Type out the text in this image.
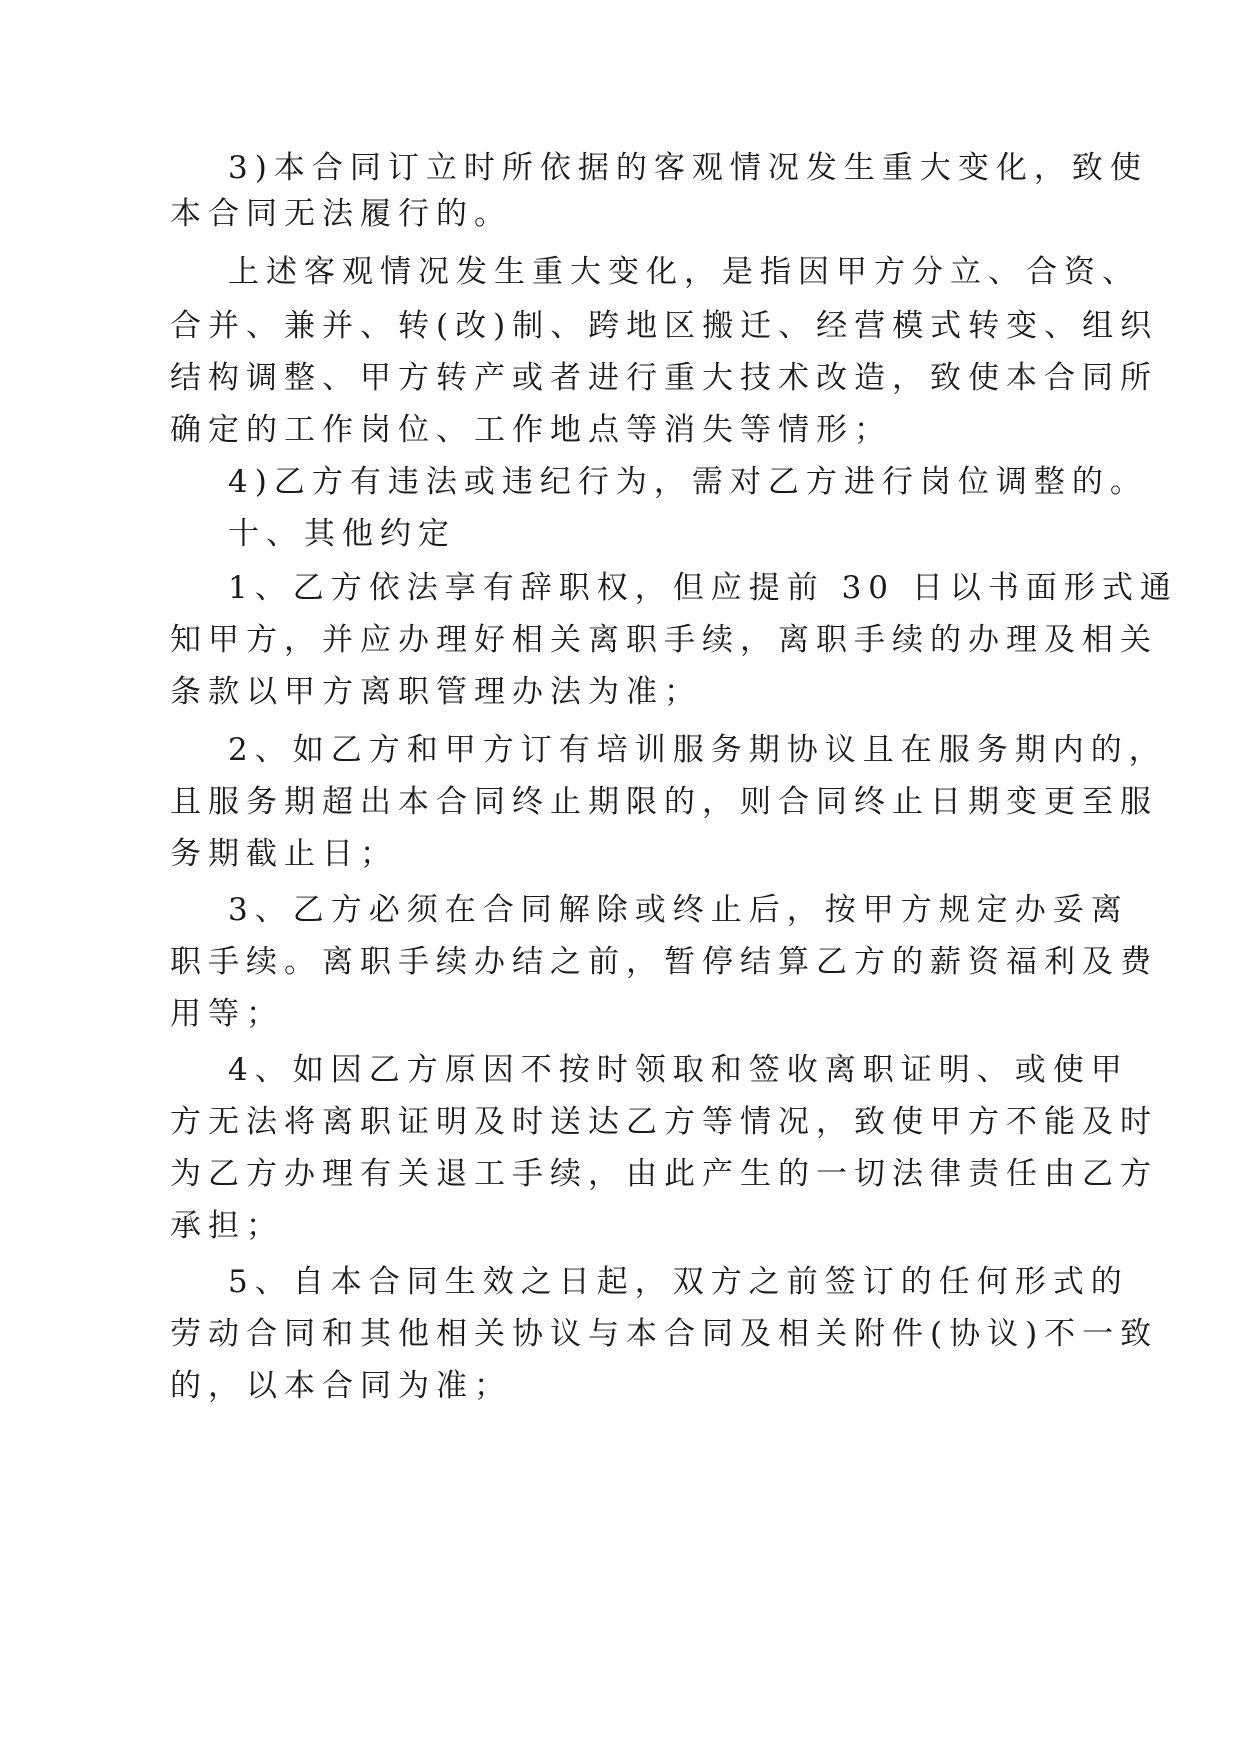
3)本合同订立时所依据的客观情况发生重大变化，致使
本合同无法履行的。
上述客观情况发生重大变化，是指因甲方分立、合资、
合并、兼并、转(改)制、跨地区搬迁、经营模式转变、组织
结构调整、甲方转产或者进行重大技术改造，致使本合同所
确定的工作岗位、工作地点等消失等情形；
4)乙方有违法或违纪行为，需对乙方进行岗位调整的。
十、其他约定
1、乙方依法享有辞职权，但应提前 30 日以书面形式通
知甲方，并应办理好相关离职手续，离职手续的办理及相关
条款以甲方离职管理办法为准；
2、如乙方和甲方订有培训服务期协议且在服务期内的，
且服务期超出本合同终止期限的，则合同终止日期变更至服
务期截止日；
3、乙方必须在合同解除或终止后，按甲方规定办妥离
职手续。离职手续办结之前，暂停结算乙方的薪资福利及费
用等；
4、如因乙方原因不按时领取和签收离职证明、或使甲
方无法将离职证明及时送达乙方等情况，致使甲方不能及时
为乙方办理有关退工手续，由此产生的一切法律责任由乙方
承担；
5、自本合同生效之日起，双方之前签订的任何形式的
劳动合同和其他相关协议与本合同及相关附件(协议)不一致
的，以本合同为准；
